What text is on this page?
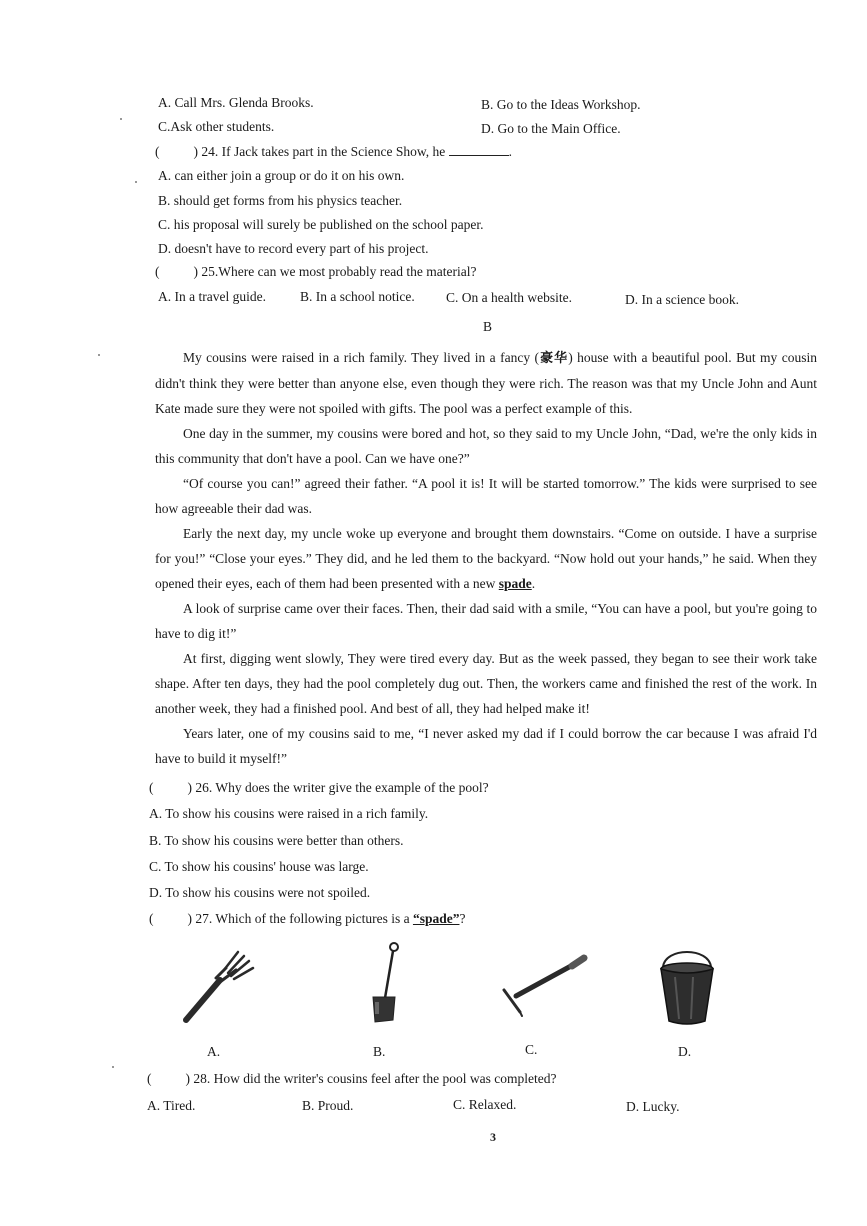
A. Call Mrs. Glenda Brooks.	B. Go to the Ideas Workshop.
C.Ask other students.	D. Go to the Main Office.
(	) 24. If Jack takes part in the Science Show, he	.
A. can either join a group or do it on his own.
B. should get forms from his physics teacher.
C. his proposal will surely be published on the school paper.
D. doesn't have to record every part of his project.
(	) 25.Where can we most probably read the material?
A. In a travel guide.	B. In a school notice. C. On a health website.	D. In a science book.
B
My cousins were raised in a rich family. They lived in a fancy (豪华) house with a beautiful pool. But my cousin didn't think they were better than anyone else, even though they were rich. The reason was that my Uncle John and Aunt Kate made sure they were not spoiled with gifts. The pool was a perfect example of this.
One day in the summer, my cousins were bored and hot, so they said to my Uncle John, “Dad, we're the only kids in this community that don't have a pool. Can we have one?”
“Of course you can!” agreed their father. “A pool it is! It will be started tomorrow.” The kids were surprised to see how agreeable their dad was.
Early the next day, my uncle woke up everyone and brought them downstairs. “Come on outside. I have a surprise for you!” “Close your eyes.” They did, and he led them to the backyard. “Now hold out your hands,” he said. When they opened their eyes, each of them had been presented with a new spade.
A look of surprise came over their faces. Then, their dad said with a smile, “You can have a pool, but you're going to have to dig it!”
At first, digging went slowly, They were tired every day. But as the week passed, they began to see their work take shape. After ten days, they had the pool completely dug out. Then, the workers came and finished the rest of the work. In another week, they had a finished pool. And best of all, they had helped make it!
Years later, one of my cousins said to me, “I never asked my dad if I could borrow the car because I was afraid I'd have to build it myself!”
(	) 26. Why does the writer give the example of the pool?
A. To show his cousins were raised in a rich family.
B. To show his cousins were better than others.
C. To show his cousins' house was large.
D. To show his cousins were not spoiled.
(	) 27. Which of the following pictures is a “spade”?
A.	B.	C.	D.
(	) 28. How did the writer's cousins feel after the pool was completed?
A. Tired.	B. Proud.	C. Relaxed.	D. Lucky.
3
